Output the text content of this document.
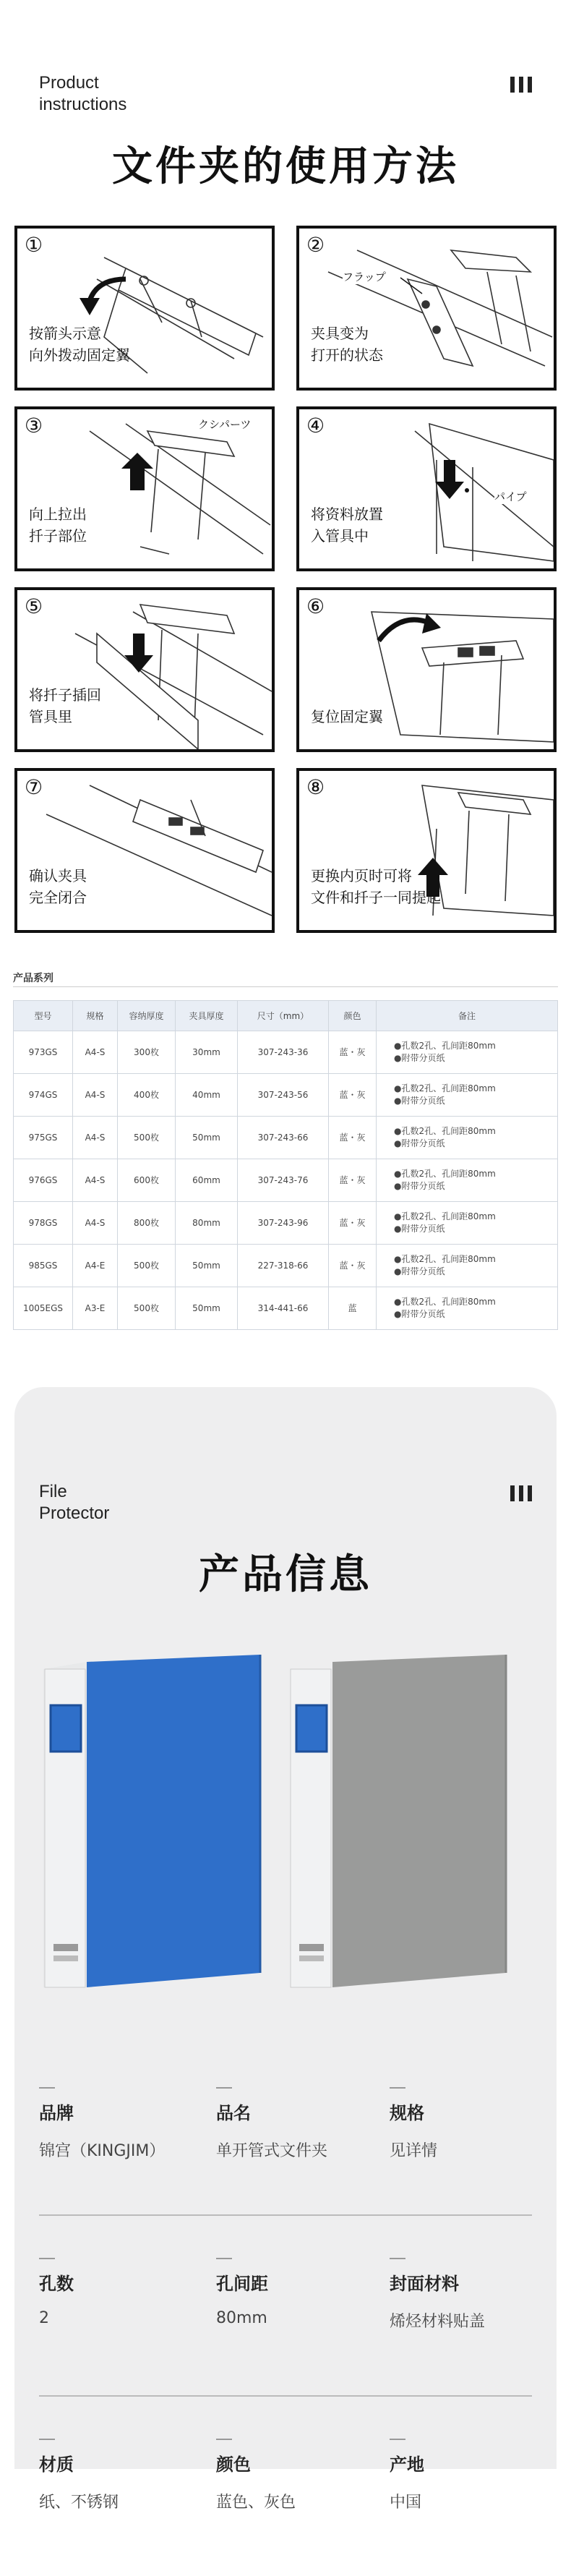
Product
instructions
文件夹的使用方法
①
按箭头示意
向外拨动固定翼
②
フラップ
夹具变为
打开的状态
③	クシパーツ
向上拉出
扦子部位
④
パイプ
将资料放置
入管具中
⑤
将扦子插回
管具里
⑥
复位固定翼
⑦
确认夹具
完全闭合
⑧
更换内页时可将
文件和扦子一同提起
产品系列
型号	规格	容纳厚度	夹具厚度	尺寸（mm）	颜色	备注
973GS	A4-S	300枚	30mm	307-243-36	蓝・灰	●孔数2孔、孔间距80mm
●附带分页纸

974GS	A4-S	400枚	40mm	307-243-56	蓝・灰	●孔数2孔、孔间距80mm
●附带分页纸

975GS	A4-S	500枚	50mm	307-243-66	蓝・灰	●孔数2孔、孔间距80mm
●附带分页纸

976GS	A4-S	600枚	60mm	307-243-76	蓝・灰	●孔数2孔、孔间距80mm
●附带分页纸

978GS	A4-S	800枚	80mm	307-243-96	蓝・灰	●孔数2孔、孔间距80mm
●附带分页纸

985GS	A4-E	500枚	50mm	227-318-66	蓝・灰	●孔数2孔、孔间距80mm
●附带分页纸

1005EGS	A3-E	500枚	50mm	314-441-66	蓝	●孔数2孔、孔间距80mm
●附带分页纸
File
Protector
产品信息
品牌
锦宫（KINGJIM）
品名
单开管式文件夹
规格
见详情
孔数
2
孔间距
80mm
封面材料
烯烃材料贴盖
材质
纸、不锈钢
颜色
蓝色、灰色
产地
中国
